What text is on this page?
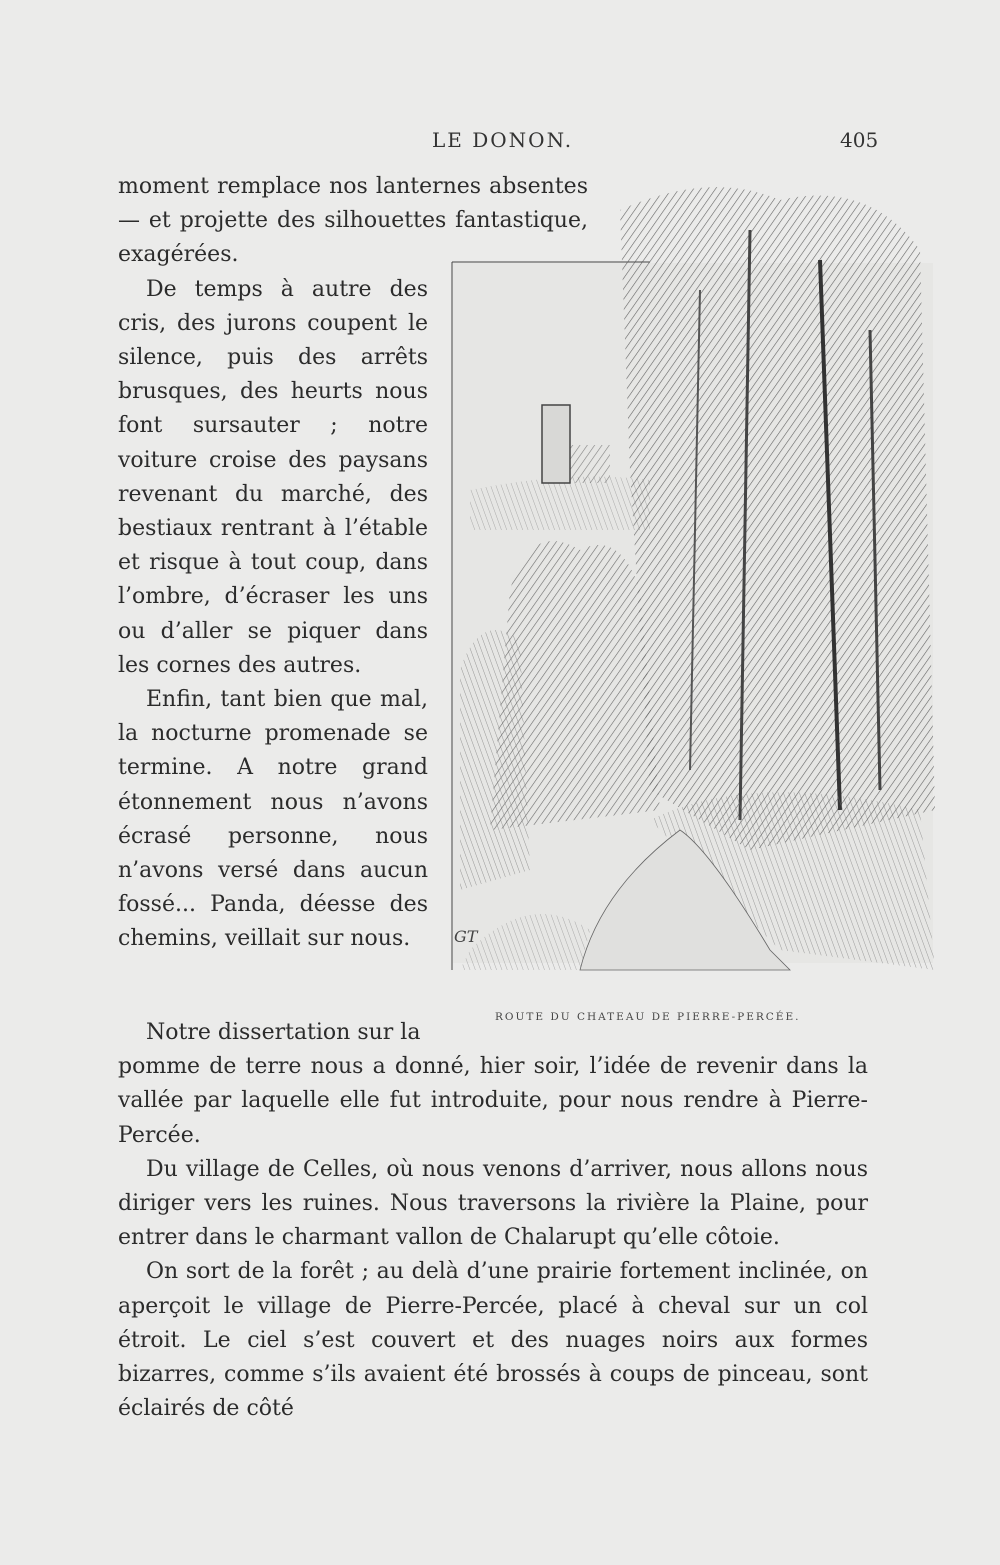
LE DONON.	405

moment remplace nos lanternes absentes — et projette des silhouettes fantastique, exagérées.

De temps à autre des cris, des jurons coupent le silence, puis des arrêts brusques, des heurts nous font sursauter ; notre voiture croise des paysans revenant du marché, des bestiaux rentrant à l’étable et risque à tout coup, dans l’ombre, d’écraser les uns ou d’aller se piquer dans les cornes des autres.

Enfin, tant bien que mal, la nocturne promenade se termine. A notre grand étonnement nous n’avons écrasé personne, nous n’avons versé dans aucun fossé... Panda, déesse des chemins, veillait sur nous.	GT
ROUTE DU CHATEAU DE PIERRE-PERCÉE.

Notre dissertation sur la
pomme de terre nous a donné, hier soir, l’idée de revenir dans la vallée par laquelle elle fut introduite, pour nous rendre à Pierre-Percée.

Du village de Celles, où nous venons d’arriver, nous allons nous diriger vers les ruines. Nous traversons la rivière la Plaine, pour entrer dans le charmant vallon de Chalarupt qu’elle côtoie.

On sort de la forêt ; au delà d’une prairie fortement inclinée, on aperçoit le village de Pierre-Percée, placé à cheval sur un col étroit. Le ciel s’est couvert et des nuages noirs aux formes bizarres, comme s’ils avaient été brossés à coups de pinceau, sont éclairés de côté
